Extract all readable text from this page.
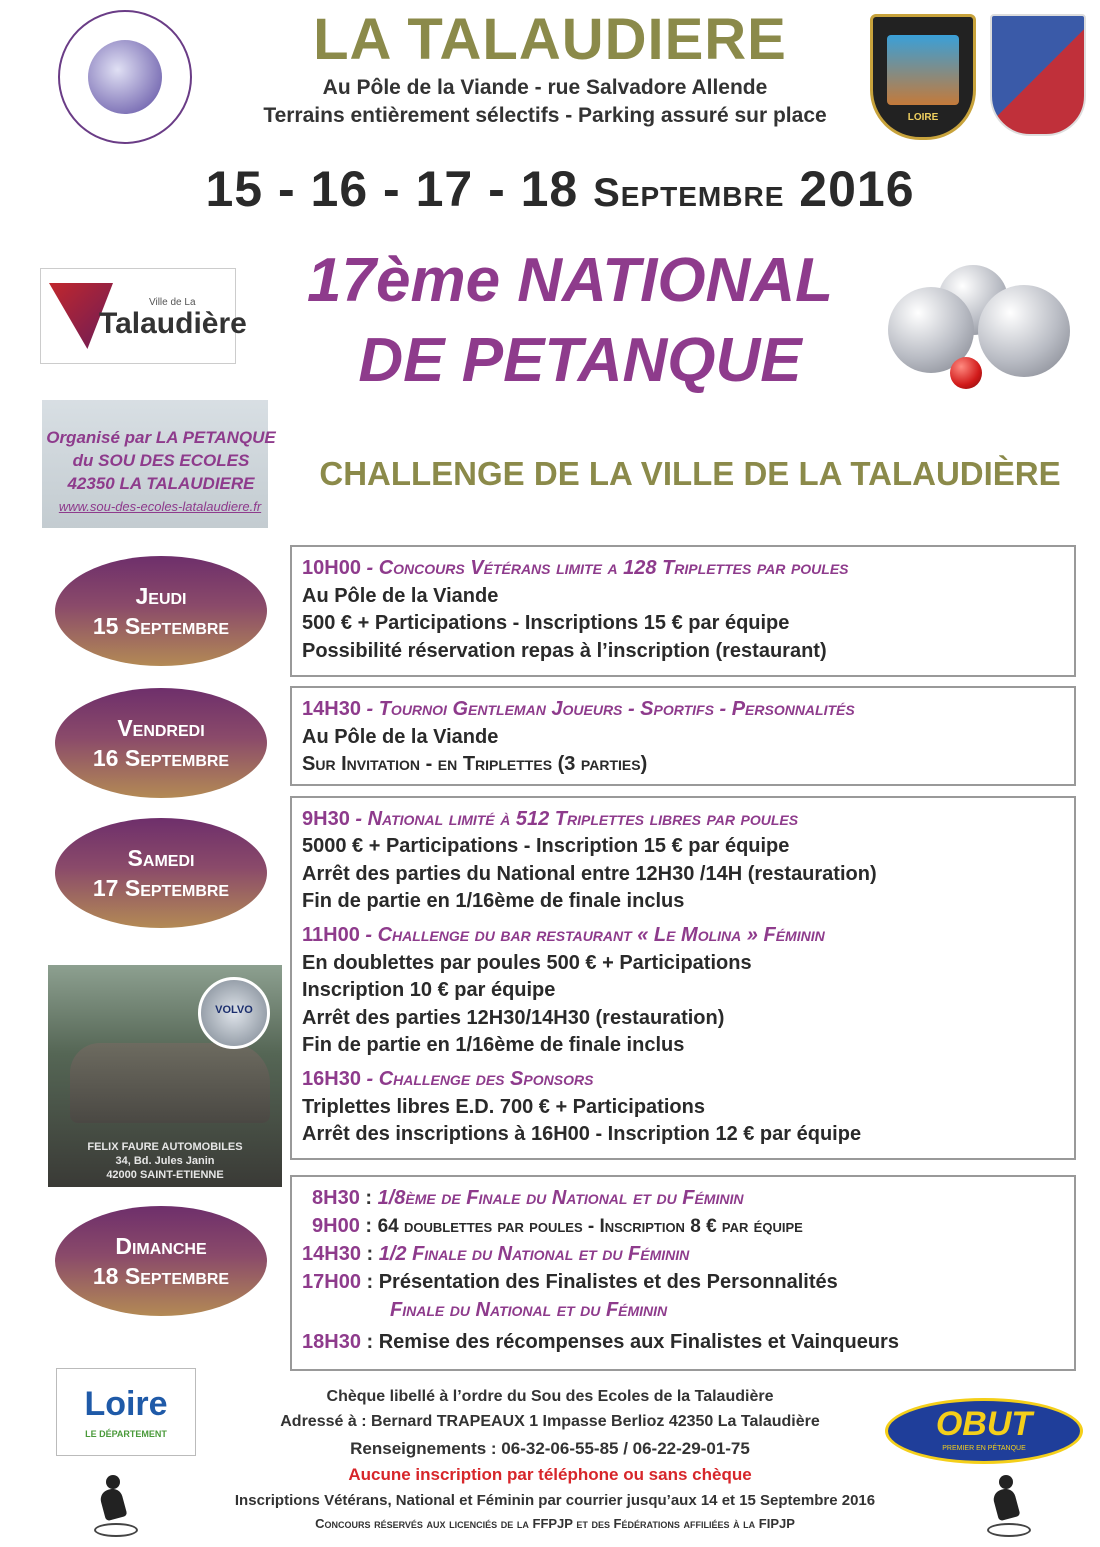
LOIRE
LA TALAUDIERE
Au Pôle de la Viande - rue Salvadore Allende
Terrains entièrement sélectifs - Parking assuré sur place
15 - 16 - 17 - 18 Septembre 2016
Ville de La
Talaudière
17ème NATIONAL
DE PETANQUE
Organisé par LA PETANQUE
du SOU DES ECOLES
42350 LA TALAUDIERE
www.sou-des-ecoles-latalaudiere.fr
CHALLENGE DE LA VILLE DE LA TALAUDIÈRE
Jeudi
15 Septembre
Vendredi
16 Septembre
Samedi
17 Septembre
Dimanche
18 Septembre
10H00 - Concours Vétérans limite a 128 Triplettes par poules
Au Pôle de la Viande
500 € + Participations - Inscriptions 15 € par équipe
Possibilité réservation repas à l’inscription (restaurant)
14H30 - Tournoi Gentleman Joueurs - Sportifs - Personnalités
Au Pôle de la Viande
Sur Invitation - en Triplettes (3 parties)
9H30 - National limité à 512 Triplettes libres par poules
5000 € + Participations - Inscription 15 € par équipe
Arrêt des parties du National entre 12H30 /14H (restauration)
Fin de partie en 1/16ème de finale inclus
11H00 - Challenge du bar restaurant « Le Molina » Féminin
En doublettes par poules 500 € + Participations
Inscription 10 € par équipe
Arrêt des parties 12H30/14H30 (restauration)
Fin de partie en 1/16ème de finale inclus
16H30 - Challenge des Sponsors
Triplettes libres E.D. 700 € + Participations
Arrêt des inscriptions à 16H00 - Inscription 12 € par équipe
VOLVO
FELIX FAURE AUTOMOBILES
34, Bd. Jules Janin
42000 SAINT-ETIENNE
8H30 : 1/8ème de Finale du National et du Féminin
9H00 : 64 doublettes par poules - Inscription 8 € par équipe
14H30 : 1/2 Finale du National et du Féminin
17H00 : Présentation des Finalistes et des Personnalités
Finale du National et du Féminin
18H30 : Remise des récompenses aux Finalistes et Vainqueurs
Loire
LE DÉPARTEMENT	OBUT
PREMIER EN PÉTANQUE
Chèque libellé à l’ordre du Sou des Ecoles de la Talaudière
Adressé à : Bernard TRAPEAUX 1 Impasse Berlioz 42350 La Talaudière
Renseignements : 06-32-06-55-85 / 06-22-29-01-75
Aucune inscription par téléphone ou sans chèque
Inscriptions Vétérans, National et Féminin par courrier jusqu’aux 14 et 15 Septembre 2016
Concours réservés aux licenciés de la FFPJP et des Fédérations affiliées à la FIPJP
